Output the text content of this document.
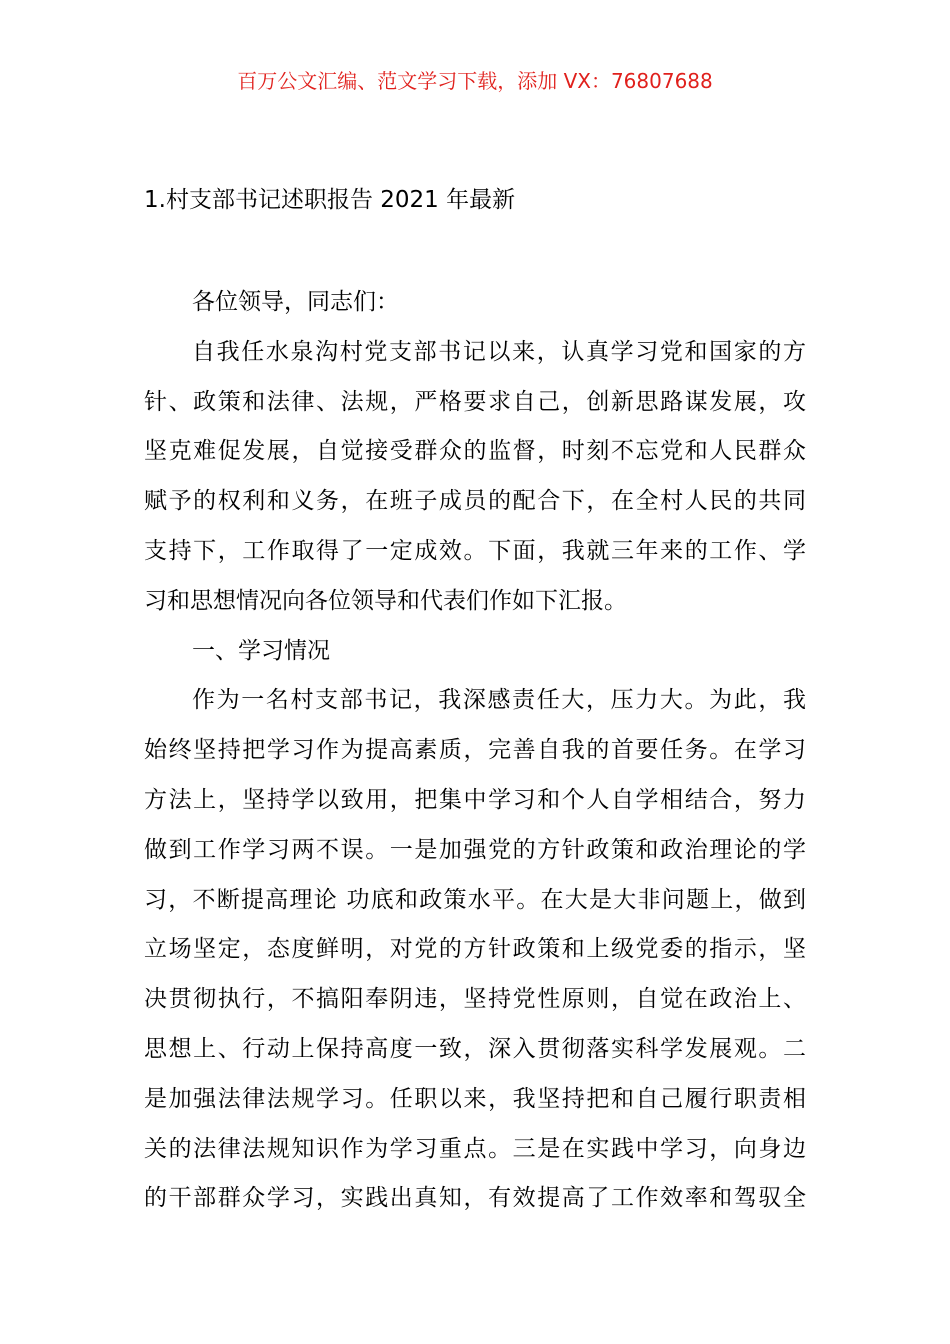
百万公文汇编、范文学习下载，添加 VX：76807688
1.村支部书记述职报告 2021 年最新
各位领导，同志们：
自我任水泉沟村党支部书记以来，认真学习党和国家的方
针、政策和法律、法规，严格要求自己，创新思路谋发展，攻
坚克难促发展，自觉接受群众的监督，时刻不忘党和人民群众
赋予的权利和义务，在班子成员的配合下，在全村人民的共同
支持下，工作取得了一定成效。下面，我就三年来的工作、学
习和思想情况向各位领导和代表们作如下汇报。
一、学习情况
作为一名村支部书记，我深感责任大，压力大。为此，我
始终坚持把学习作为提高素质，完善自我的首要任务。在学习
方法上，坚持学以致用，把集中学习和个人自学相结合，努力
做到工作学习两不误。一是加强党的方针政策和政治理论的学
习，不断提高理论 功底和政策水平。在大是大非问题上，做到
立场坚定，态度鲜明，对党的方针政策和上级党委的指示，坚
决贯彻执行，不搞阳奉阴违，坚持党性原则，自觉在政治上、
思想上、行动上保持高度一致，深入贯彻落实科学发展观。二
是加强法律法规学习。任职以来，我坚持把和自己履行职责相
关的法律法规知识作为学习重点。三是在实践中学习，向身边
的干部群众学习，实践出真知，有效提高了工作效率和驾驭全
